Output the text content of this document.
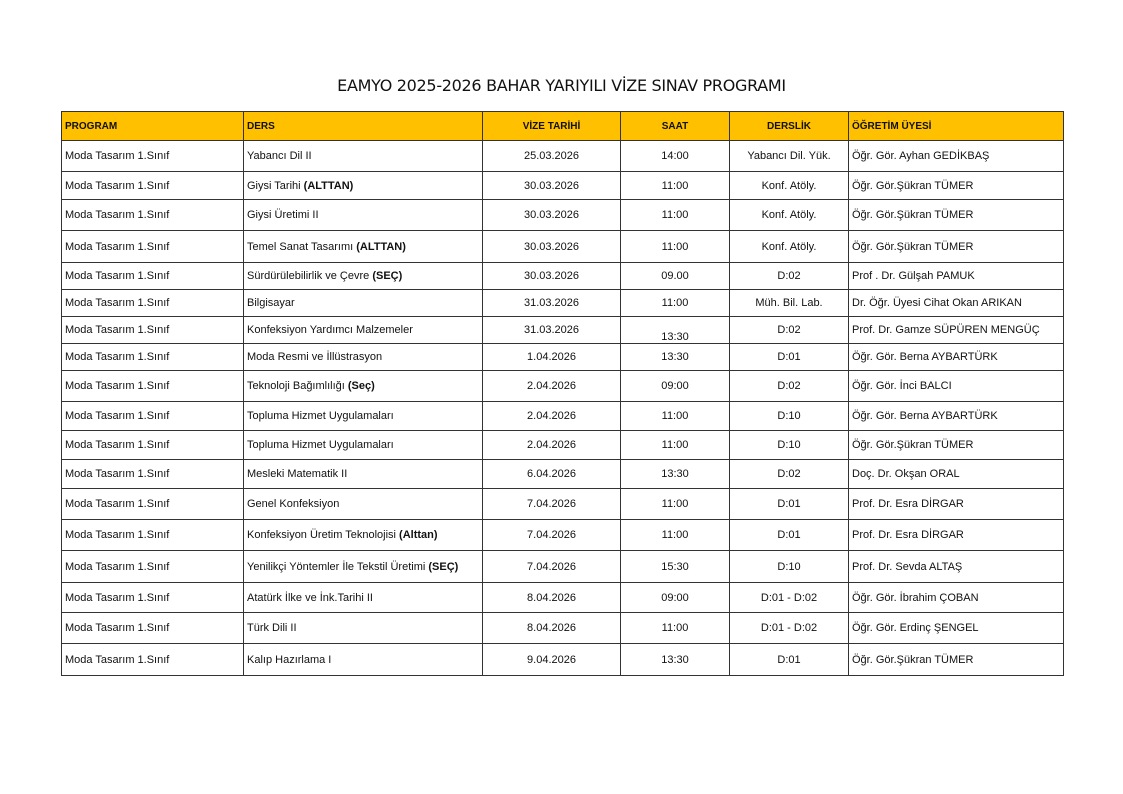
EAMYO 2025-2026 BAHAR YARIYILI VİZE SINAV PROGRAMI
PROGRAM	DERS	VİZE TARİHİ	SAAT	DERSLİK	ÖĞRETİM ÜYESİ
Moda Tasarım 1.Sınıf	Yabancı Dil II	25.03.2026	14:00	Yabancı Dil. Yük.	Öğr. Gör. Ayhan GEDİKBAŞ
Moda Tasarım 1.Sınıf	Giysi Tarihi (ALTTAN)	30.03.2026	11:00	Konf. Atöly.	Öğr. Gör.Şükran TÜMER
Moda Tasarım 1.Sınıf	Giysi Üretimi II	30.03.2026	11:00	Konf. Atöly.	Öğr. Gör.Şükran TÜMER
Moda Tasarım 1.Sınıf	Temel Sanat Tasarımı (ALTTAN)	30.03.2026	11:00	Konf. Atöly.	Öğr. Gör.Şükran TÜMER
Moda Tasarım 1.Sınıf	Sürdürülebilirlik ve Çevre (SEÇ)	30.03.2026	09.00	D:02	Prof . Dr. Gülşah PAMUK
Moda Tasarım 1.Sınıf	Bilgisayar	31.03.2026	11:00	Müh. Bil. Lab.	Dr. Öğr. Üyesi Cihat Okan ARIKAN
Moda Tasarım 1.Sınıf	Konfeksiyon Yardımcı Malzemeler	31.03.2026	13:30	D:02	Prof. Dr. Gamze SÜPÜREN MENGÜÇ
Moda Tasarım 1.Sınıf	Moda Resmi ve İllüstrasyon	1.04.2026	13:30	D:01	Öğr. Gör. Berna AYBARTÜRK
Moda Tasarım 1.Sınıf	Teknoloji Bağımlılığı (Seç)	2.04.2026	09:00	D:02	Öğr. Gör. İnci BALCI
Moda Tasarım 1.Sınıf	Topluma Hizmet Uygulamaları	2.04.2026	11:00	D:10	Öğr. Gör. Berna AYBARTÜRK
Moda Tasarım 1.Sınıf	Topluma Hizmet Uygulamaları	2.04.2026	11:00	D:10	Öğr. Gör.Şükran TÜMER
Moda Tasarım 1.Sınıf	Mesleki Matematik II	6.04.2026	13:30	D:02	Doç. Dr. Okşan ORAL
Moda Tasarım 1.Sınıf	Genel Konfeksiyon	7.04.2026	11:00	D:01	Prof. Dr. Esra DİRGAR
Moda Tasarım 1.Sınıf	Konfeksiyon Üretim Teknolojisi (Alttan)	7.04.2026	11:00	D:01	Prof. Dr. Esra DİRGAR
Moda Tasarım 1.Sınıf	Yenilikçi Yöntemler İle Tekstil Üretimi (SEÇ)	7.04.2026	15:30	D:10	Prof. Dr. Sevda ALTAŞ
Moda Tasarım 1.Sınıf	Atatürk İlke ve İnk.Tarihi II	8.04.2026	09:00	D:01 - D:02	Öğr. Gör. İbrahim ÇOBAN
Moda Tasarım 1.Sınıf	Türk Dili II	8.04.2026	11:00	D:01 - D:02	Öğr. Gör. Erdinç ŞENGEL
Moda Tasarım 1.Sınıf	Kalıp Hazırlama I	9.04.2026	13:30	D:01	Öğr. Gör.Şükran TÜMER
